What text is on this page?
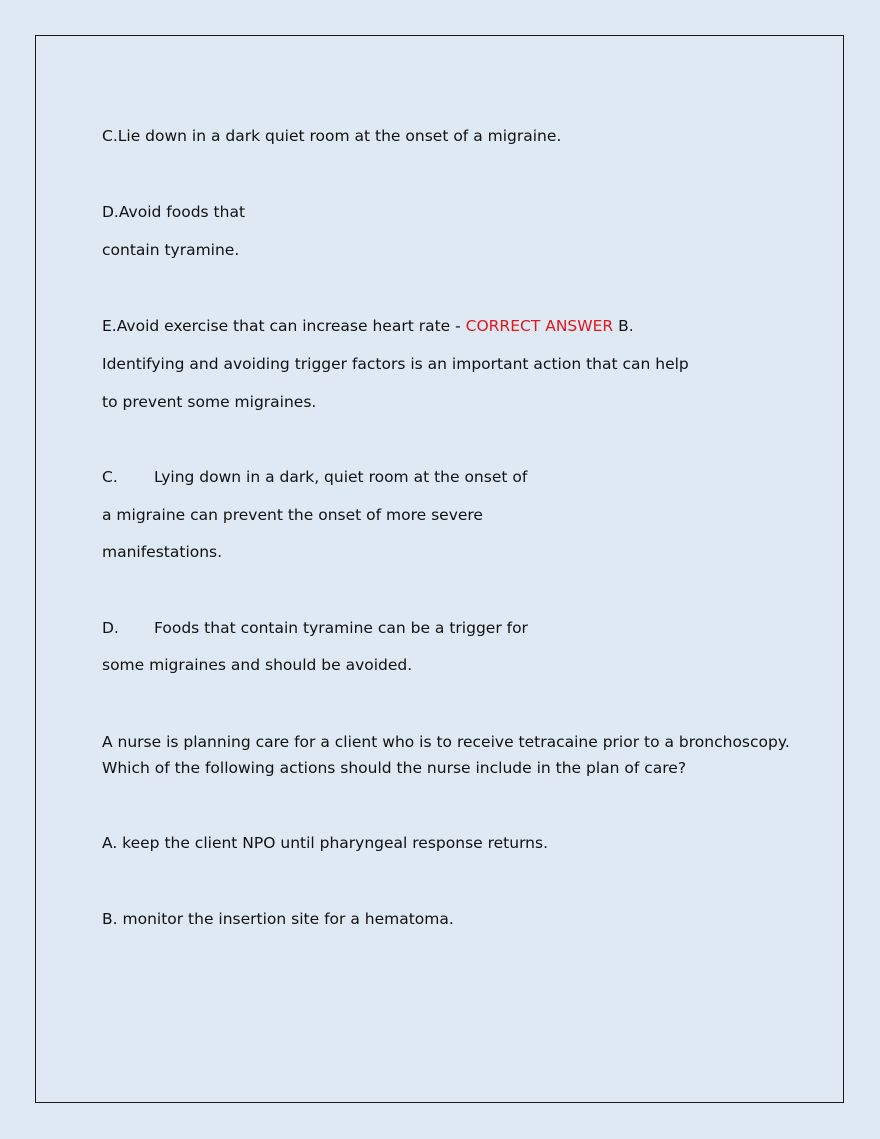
C.Lie down in a dark quiet room at the onset of a migraine.

D.Avoid foods that

contain tyramine.

E.Avoid exercise that can increase heart rate - CORRECT ANSWER B.

Identifying and avoiding trigger factors is an important action that can help

to prevent some migraines.

C. Lying down in a dark, quiet room at the onset of

a migraine can prevent the onset of more severe

manifestations.

D. Foods that contain tyramine can be a trigger for

some migraines and should be avoided.

A nurse is planning care for a client who is to receive tetracaine prior to a bronchoscopy.

Which of the following actions should the nurse include in the plan of care?

A. keep the client NPO until pharyngeal response returns.

B. monitor the insertion site for a hematoma.
